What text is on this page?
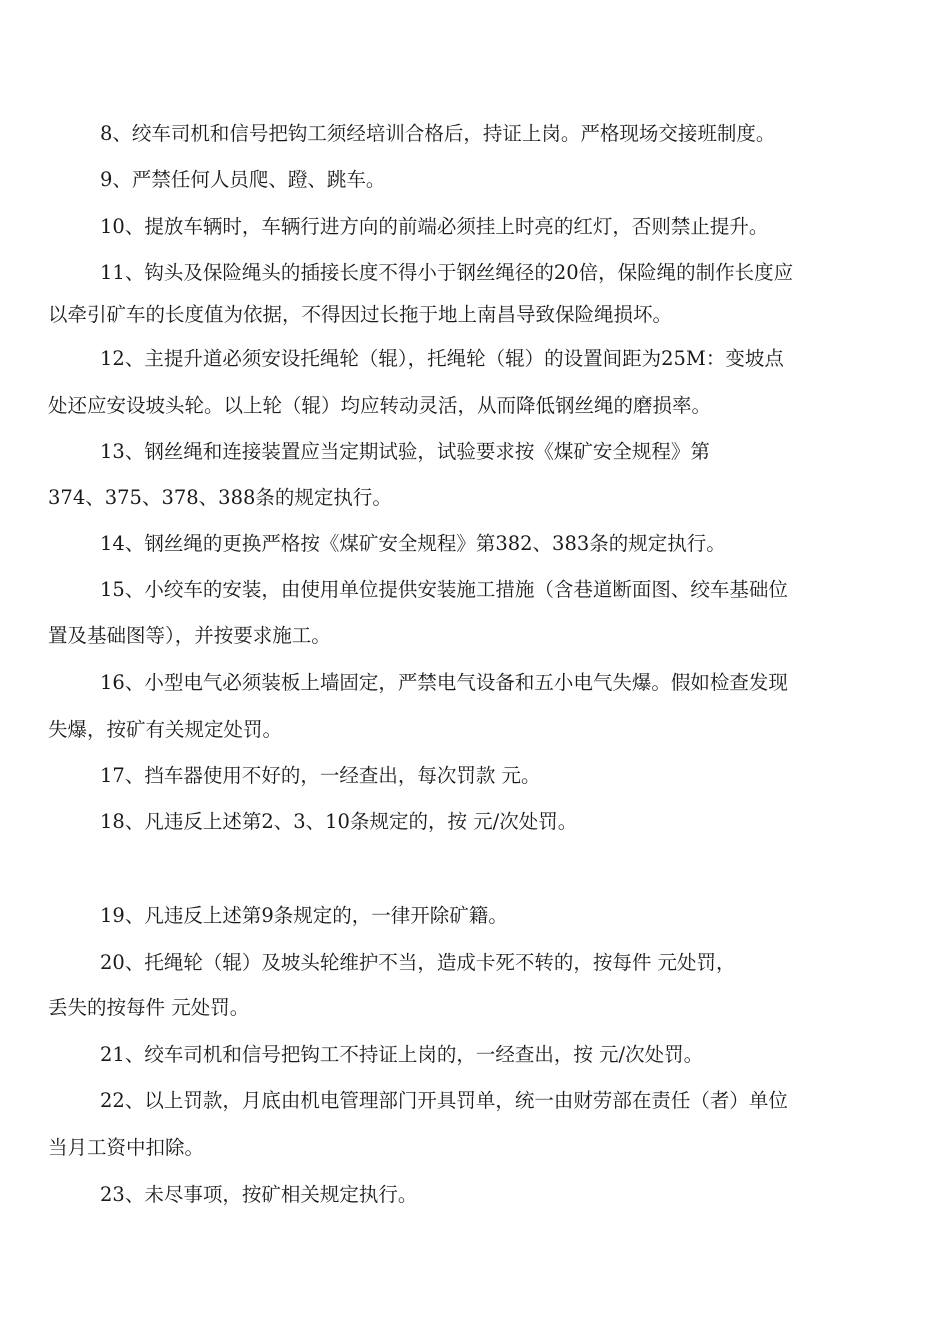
8、绞车司机和信号把钩工须经培训合格后，持证上岗。严格现场交接班制度。
9、严禁任何人员爬、蹬、跳车。
10、提放车辆时，车辆行进方向的前端必须挂上时亮的红灯，否则禁止提升。
11、钩头及保险绳头的插接长度不得小于钢丝绳径的20倍，保险绳的制作长度应
以牵引矿车的长度值为依据，不得因过长拖于地上南昌导致保险绳损坏。
12、主提升道必须安设托绳轮（辊），托绳轮（辊）的设置间距为25M：变坡点
处还应安设坡头轮。以上轮（辊）均应转动灵活，从而降低钢丝绳的磨损率。
13、钢丝绳和连接装置应当定期试验，试验要求按《煤矿安全规程》第
374、375、378、388条的规定执行。
14、钢丝绳的更换严格按《煤矿安全规程》第382、383条的规定执行。
15、小绞车的安装，由使用单位提供安装施工措施（含巷道断面图、绞车基础位
置及基础图等），并按要求施工。
16、小型电气必须装板上墙固定，严禁电气设备和五小电气失爆。假如检查发现
失爆，按矿有关规定处罚。
17、挡车器使用不好的，一经查出，每次罚款 元。
18、凡违反上述第2、3、10条规定的，按 元/次处罚。
19、凡违反上述第9条规定的，一律开除矿籍。
20、托绳轮（辊）及坡头轮维护不当，造成卡死不转的，按每件 元处罚，
丢失的按每件 元处罚。
21、绞车司机和信号把钩工不持证上岗的，一经查出，按 元/次处罚。
22、以上罚款，月底由机电管理部门开具罚单，统一由财劳部在责任（者）单位
当月工资中扣除。
23、未尽事项，按矿相关规定执行。
